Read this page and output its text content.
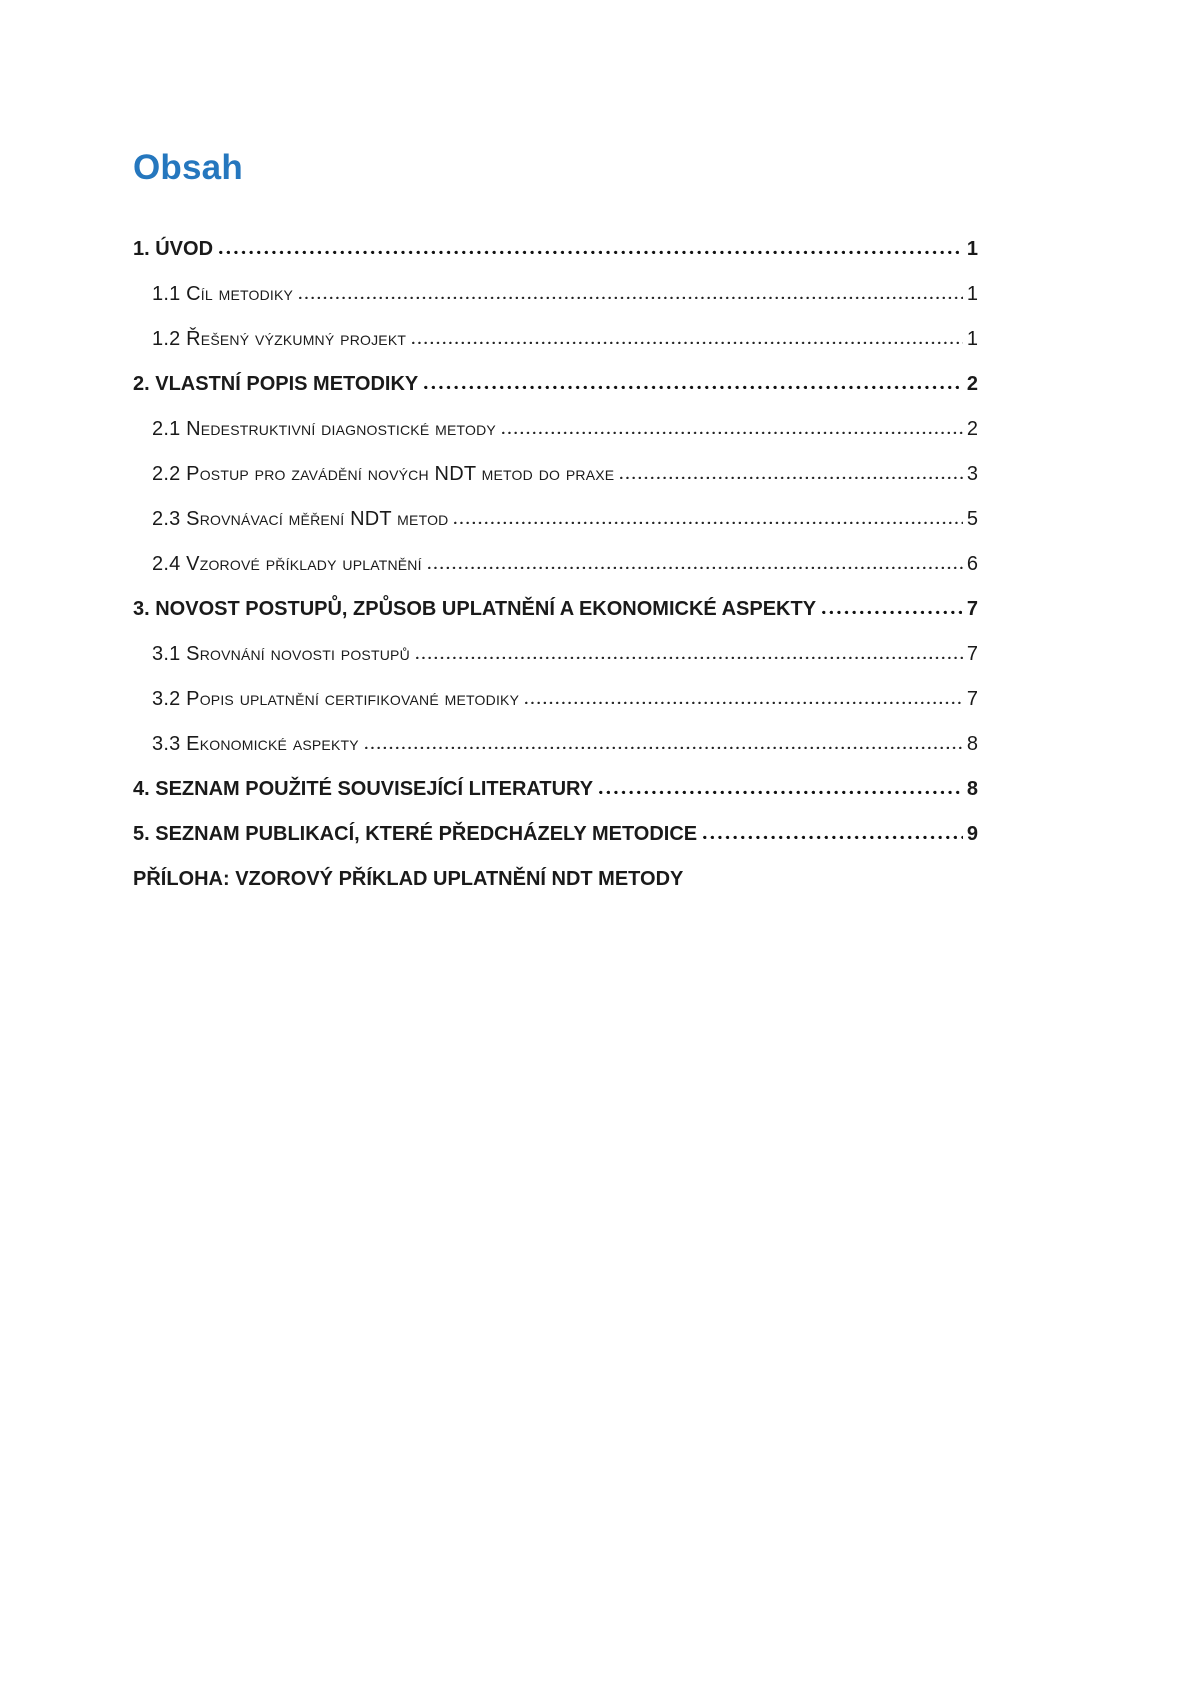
Obsah
1. ÚVOD	1
1.1 Cíl metodiky	1
1.2 Řešený výzkumný projekt	1
2. VLASTNÍ POPIS METODIKY	2
2.1 Nedestruktivní diagnostické metody	2
2.2 Postup pro zavádění nových NDT metod do praxe	3
2.3 Srovnávací měření NDT metod	5
2.4 Vzorové příklady uplatnění	6
3. NOVOST POSTUPŮ, ZPŮSOB UPLATNĚNÍ A EKONOMICKÉ ASPEKTY	7
3.1 Srovnání novosti postupů	7
3.2 Popis uplatnění certifikované metodiky	7
3.3 Ekonomické aspekty	8
4. SEZNAM POUŽITÉ SOUVISEJÍCÍ LITERATURY	8
5. SEZNAM PUBLIKACÍ, KTERÉ PŘEDCHÁZELY METODICE	9
PŘÍLOHA: VZOROVÝ PŘÍKLAD UPLATNĚNÍ NDT METODY
